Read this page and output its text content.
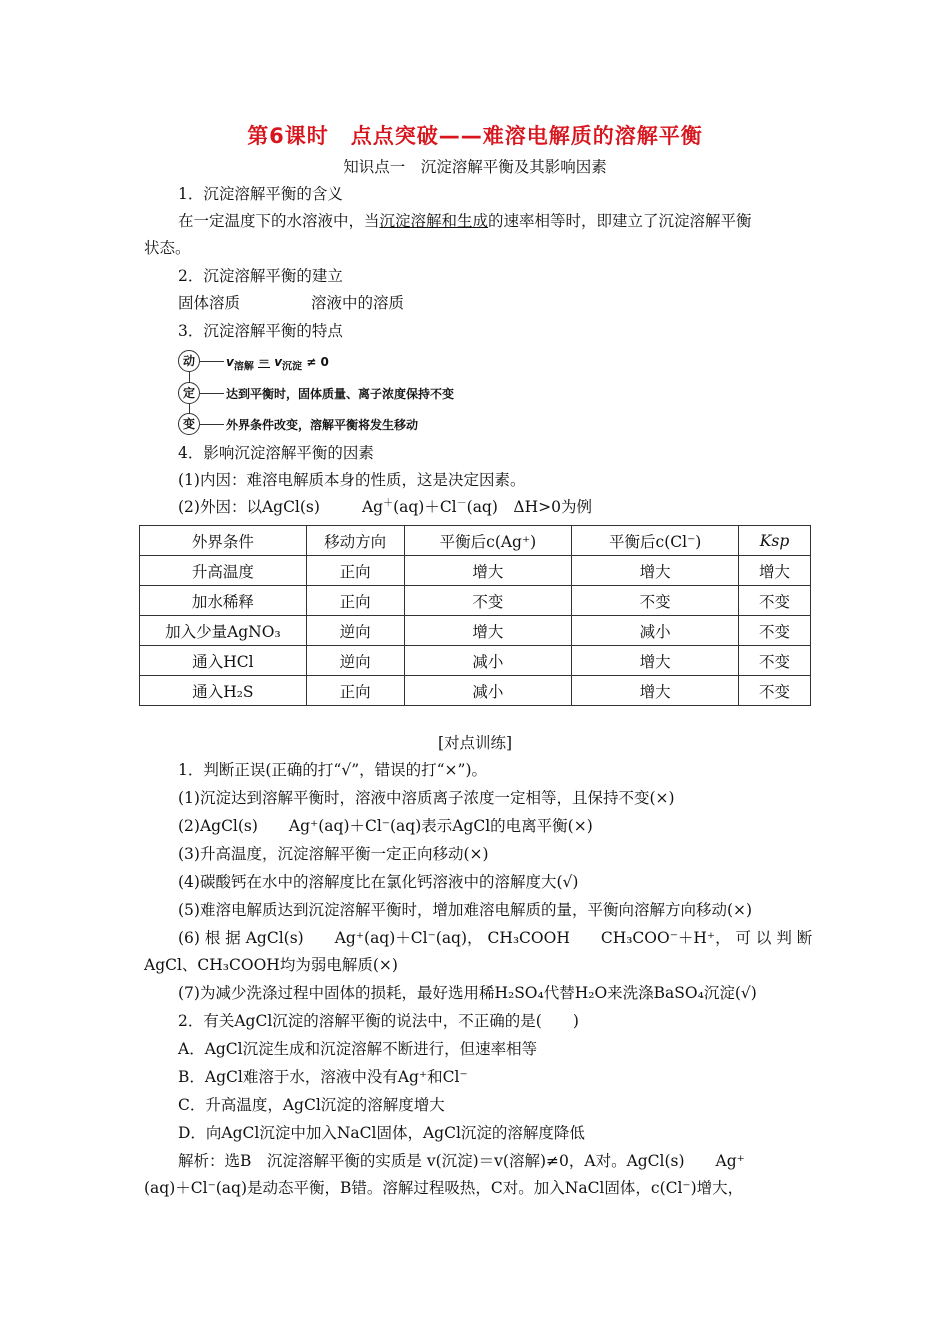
第6课时　点点突破——难溶电解质的溶解平衡
知识点一　沉淀溶解平衡及其影响因素
1．沉淀溶解平衡的含义
在一定温度下的水溶液中，当沉淀溶解和生成的速率相等时，即建立了沉淀溶解平衡
状态。
2．沉淀溶解平衡的建立
固体溶质	溶液中的溶质
3．沉淀溶解平衡的特点
动	$v_{溶解} = v_{沉淀} \ne 0$
定	达到平衡时，固体质量、离子浓度保持不变
变	外界条件改变，溶解平衡将发生移动
4．影响沉淀溶解平衡的因素
(1)内因：难溶电解质本身的性质，这是决定因素。
(2)外因：以AgCl(s)	Ag＋(aq)＋Cl－(aq)　ΔH>0为例
外界条件	移动方向	平衡后c(Ag⁺)	平衡后c(Cl⁻)	Ksp
升高温度	正向	增大	增大	增大
加水稀释	正向	不变	不变	不变
加入少量AgNO₃	逆向	增大	减小	不变
通入HCl	逆向	减小	增大	不变
通入H₂S	正向	减小	增大	不变
[对点训练]
1．判断正误(正确的打“√”，错误的打“×”)。
(1)沉淀达到溶解平衡时，溶液中溶质离子浓度一定相等，且保持不变(×)
(2)AgCl(s)　　Ag⁺(aq)＋Cl⁻(aq)表示AgCl的电离平衡(×)
(3)升高温度，沉淀溶解平衡一定正向移动(×)
(4)碳酸钙在水中的溶解度比在氯化钙溶液中的溶解度大(√)
(5)难溶电解质达到沉淀溶解平衡时，增加难溶电解质的量，平衡向溶解方向移动(×)
(6) 根 据 AgCl(s)　　Ag⁺(aq)＋Cl⁻(aq)， CH₃COOH　　CH₃COO⁻＋H⁺， 可 以 判 断
AgCl、CH₃COOH均为弱电解质(×)
(7)为减少洗涤过程中固体的损耗，最好选用稀H₂SO₄代替H₂O来洗涤BaSO₄沉淀(√)
2．有关AgCl沉淀的溶解平衡的说法中，不正确的是(　　)
A．AgCl沉淀生成和沉淀溶解不断进行，但速率相等
B．AgCl难溶于水，溶液中没有Ag⁺和Cl⁻
C．升高温度，AgCl沉淀的溶解度增大
D．向AgCl沉淀中加入NaCl固体，AgCl沉淀的溶解度降低
解析：选B　沉淀溶解平衡的实质是 v(沉淀)＝v(溶解)≠0，A对。AgCl(s)　　Ag⁺
(aq)＋Cl⁻(aq)是动态平衡，B错。溶解过程吸热，C对。加入NaCl固体，c(Cl⁻)增大，
